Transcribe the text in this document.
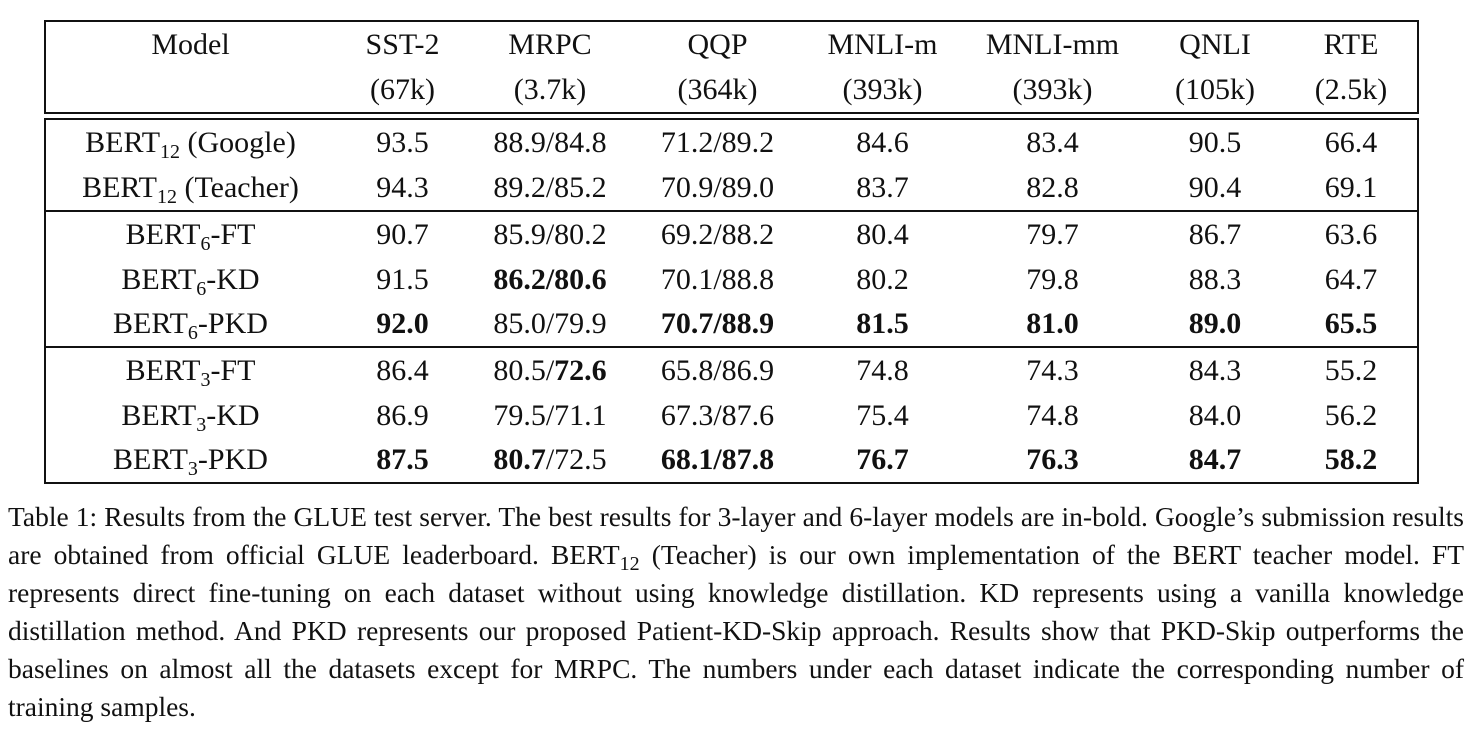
Model	SST-2	MRPC	QQP	MNLI-m	MNLI-mm	QNLI	RTE
	(67k)	(3.7k)	(364k)	(393k)	(393k)	(105k)	(2.5k)

$BERT_{12}$ (Google)	93.5	88.9/84.8	71.2/89.2	84.6	83.4	90.5	66.4
$BERT_{12}$ (Teacher)	94.3	89.2/85.2	70.9/89.0	83.7	82.8	90.4	69.1
$BERT_6-FT$	90.7	85.9/80.2	69.2/88.2	80.4	79.7	86.7	63.6
$BERT_6-KD$	91.5	86.2/80.6	70.1/88.8	80.2	79.8	88.3	64.7
$BERT_6$-PKD	92.0	85.0/79.9	70.7/88.9	81.5	81.0	89.0	65.5
$BERT_3-FT$	86.4	80.5/72.6	65.8/86.9	74.8	74.3	84.3	55.2
$BERT_3-KD$	86.9	79.5/71.1	67.3/87.6	75.4	74.8	84.0	56.2
$BERT_3$-PKD	87.5	80.7/72.5	68.1/87.8	76.7	76.3	84.7	58.2
Table 1: Results from the GLUE test server. The best results for 3-layer and 6-layer models are in-bold. Google’s submission results are obtained from official GLUE leaderboard. $BERT_{12}$ (Teacher) is our own implementation of the BERT teacher model. FT represents direct fine-tuning on each dataset without using knowledge distillation. KD represents using a vanilla knowledge distillation method. And PKD represents our proposed Patient-KD-Skip approach. Results show that PKD-Skip outperforms the baselines on almost all the datasets except for MRPC. The numbers under each dataset indicate the corresponding number of training samples.
